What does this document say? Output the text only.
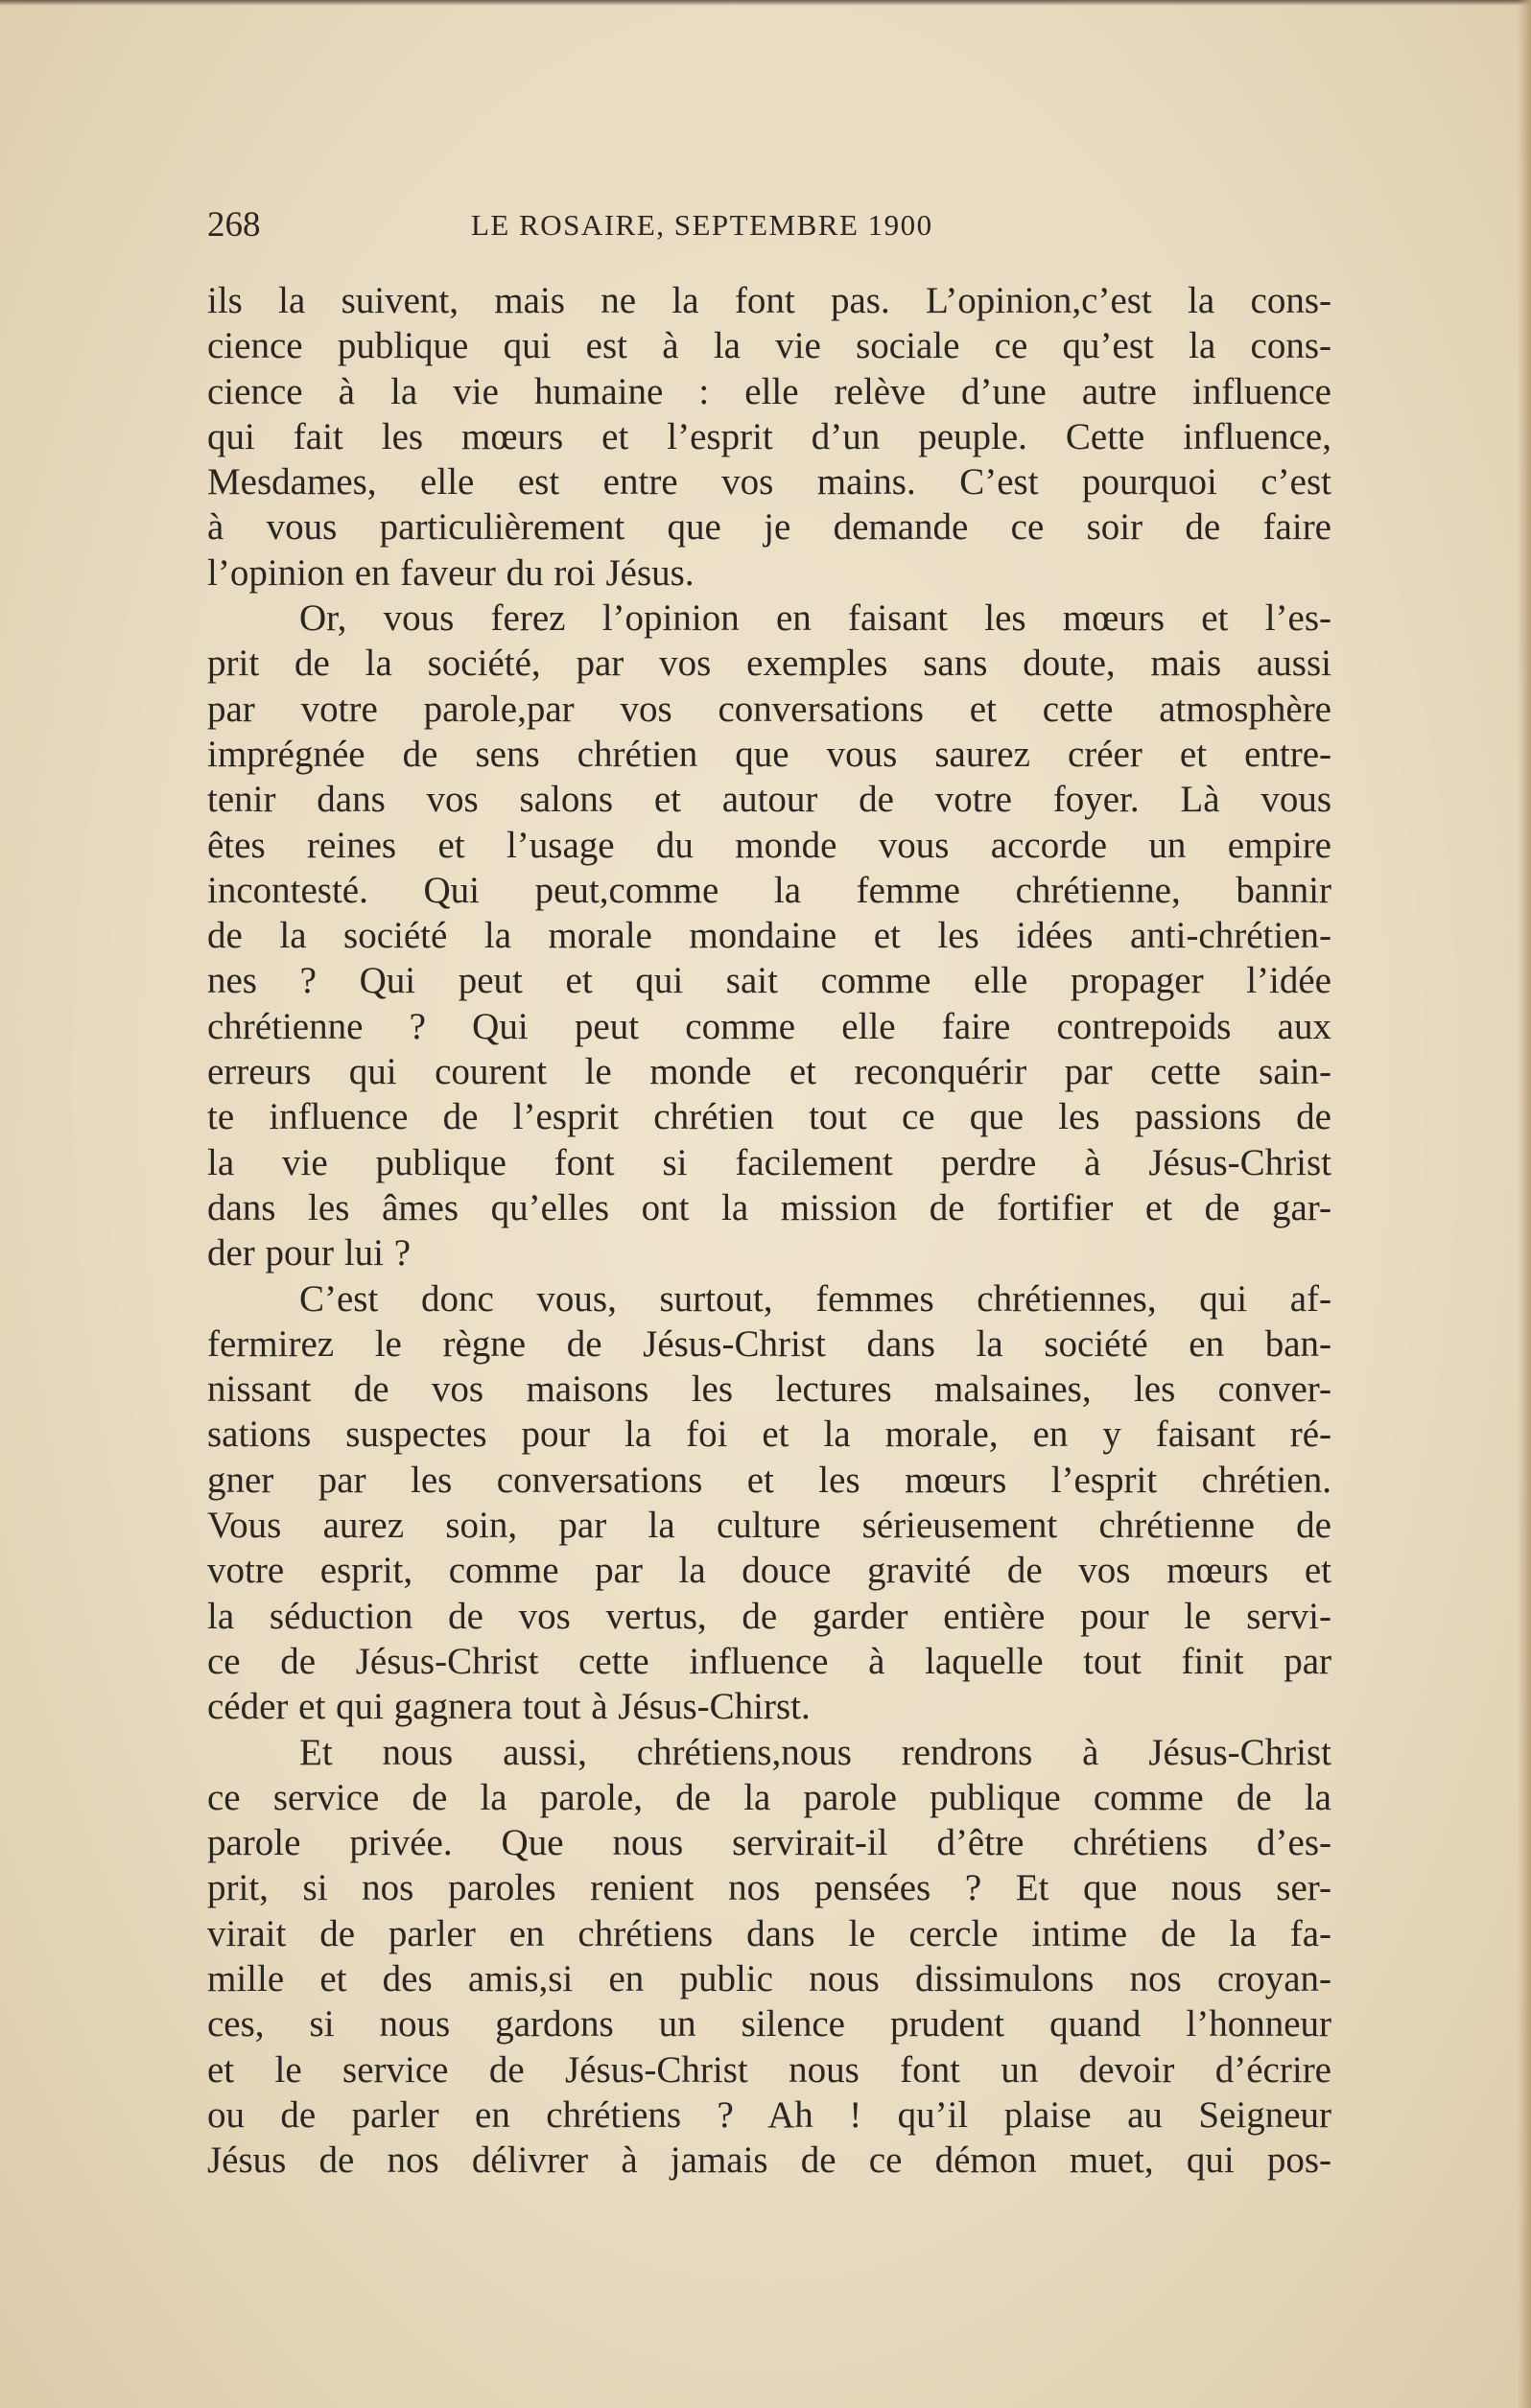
268	LE ROSAIRE, SEPTEMBRE 1900
ils la suivent, mais ne la font pas. L’opinion,c’est la cons-
cience publique qui est à la vie sociale ce qu’est la cons-
cience à la vie humaine : elle relève d’une autre influence
qui fait les mœurs et l’esprit d’un peuple. Cette influence,
Mesdames, elle est entre vos mains. C’est pourquoi c’est
à vous particulièrement que je demande ce soir de faire
l’opinion en faveur du roi Jésus.
Or, vous ferez l’opinion en faisant les mœurs et l’es-
prit de la société, par vos exemples sans doute, mais aussi
par votre parole,par vos conversations et cette atmosphère
imprégnée de sens chrétien que vous saurez créer et entre-
tenir dans vos salons et autour de votre foyer. Là vous
êtes reines et l’usage du monde vous accorde un empire
incontesté. Qui peut,comme la femme chrétienne, bannir
de la société la morale mondaine et les idées anti-chrétien-
nes ? Qui peut et qui sait comme elle propager l’idée
chrétienne ? Qui peut comme elle faire contrepoids aux
erreurs qui courent le monde et reconquérir par cette sain-
te influence de l’esprit chrétien tout ce que les passions de
la vie publique font si facilement perdre à Jésus-Christ
dans les âmes qu’elles ont la mission de fortifier et de gar-
der pour lui ?
C’est donc vous, surtout, femmes chrétiennes, qui af-
fermirez le règne de Jésus-Christ dans la société en ban-
nissant de vos maisons les lectures malsaines, les conver-
sations suspectes pour la foi et la morale, en y faisant ré-
gner par les conversations et les mœurs l’esprit chrétien.
Vous aurez soin, par la culture sérieusement chrétienne de
votre esprit, comme par la douce gravité de vos mœurs et
la séduction de vos vertus, de garder entière pour le servi-
ce de Jésus-Christ cette influence à laquelle tout finit par
céder et qui gagnera tout à Jésus-Chirst.
Et nous aussi, chrétiens,nous rendrons à Jésus-Christ
ce service de la parole, de la parole publique comme de la
parole privée. Que nous servirait-il d’être chrétiens d’es-
prit, si nos paroles renient nos pensées ? Et que nous ser-
virait de parler en chrétiens dans le cercle intime de la fa-
mille et des amis,si en public nous dissimulons nos croyan-
ces, si nous gardons un silence prudent quand l’honneur
et le service de Jésus-Christ nous font un devoir d’écrire
ou de parler en chrétiens ? Ah ! qu’il plaise au Seigneur
Jésus de nos délivrer à jamais de ce démon muet, qui pos-
